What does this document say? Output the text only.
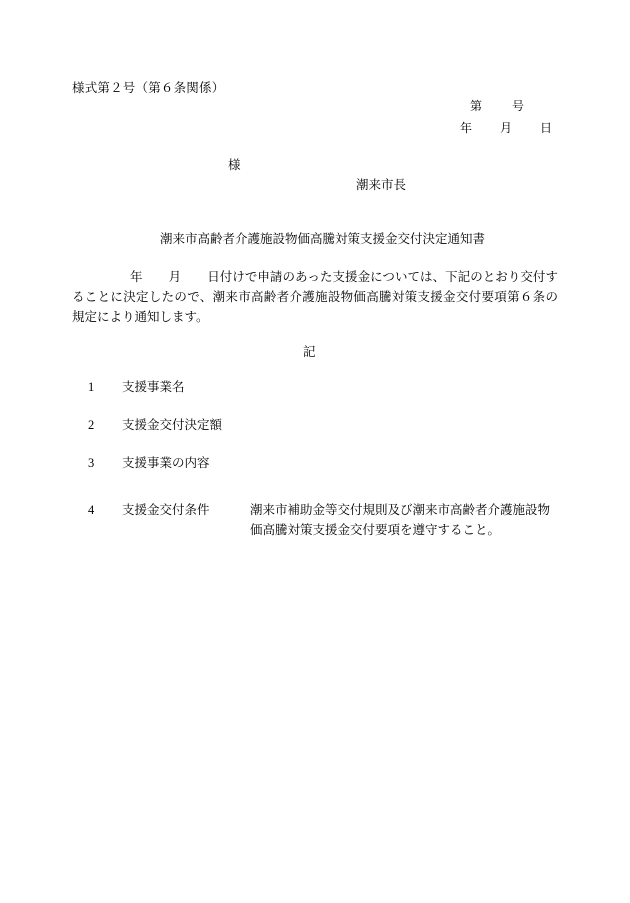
様式第２号（第６条関係）
第	号
年 月 日
様
潮来市長
潮来市高齢者介護施設物価高騰対策支援金交付決定通知書
年 月 日付けで申請のあった支援金については、下記のとおり交付することに決定したので、潮来市高齢者介護施設物価高騰対策支援金交付要項第６条の規定により通知します。
記
1 支援事業名
2 支援金交付決定額
3 支援事業の内容
4 支援金交付条件	潮来市補助金等交付規則及び潮来市高齢者介護施設物価高騰対策支援金交付要項を遵守すること。
